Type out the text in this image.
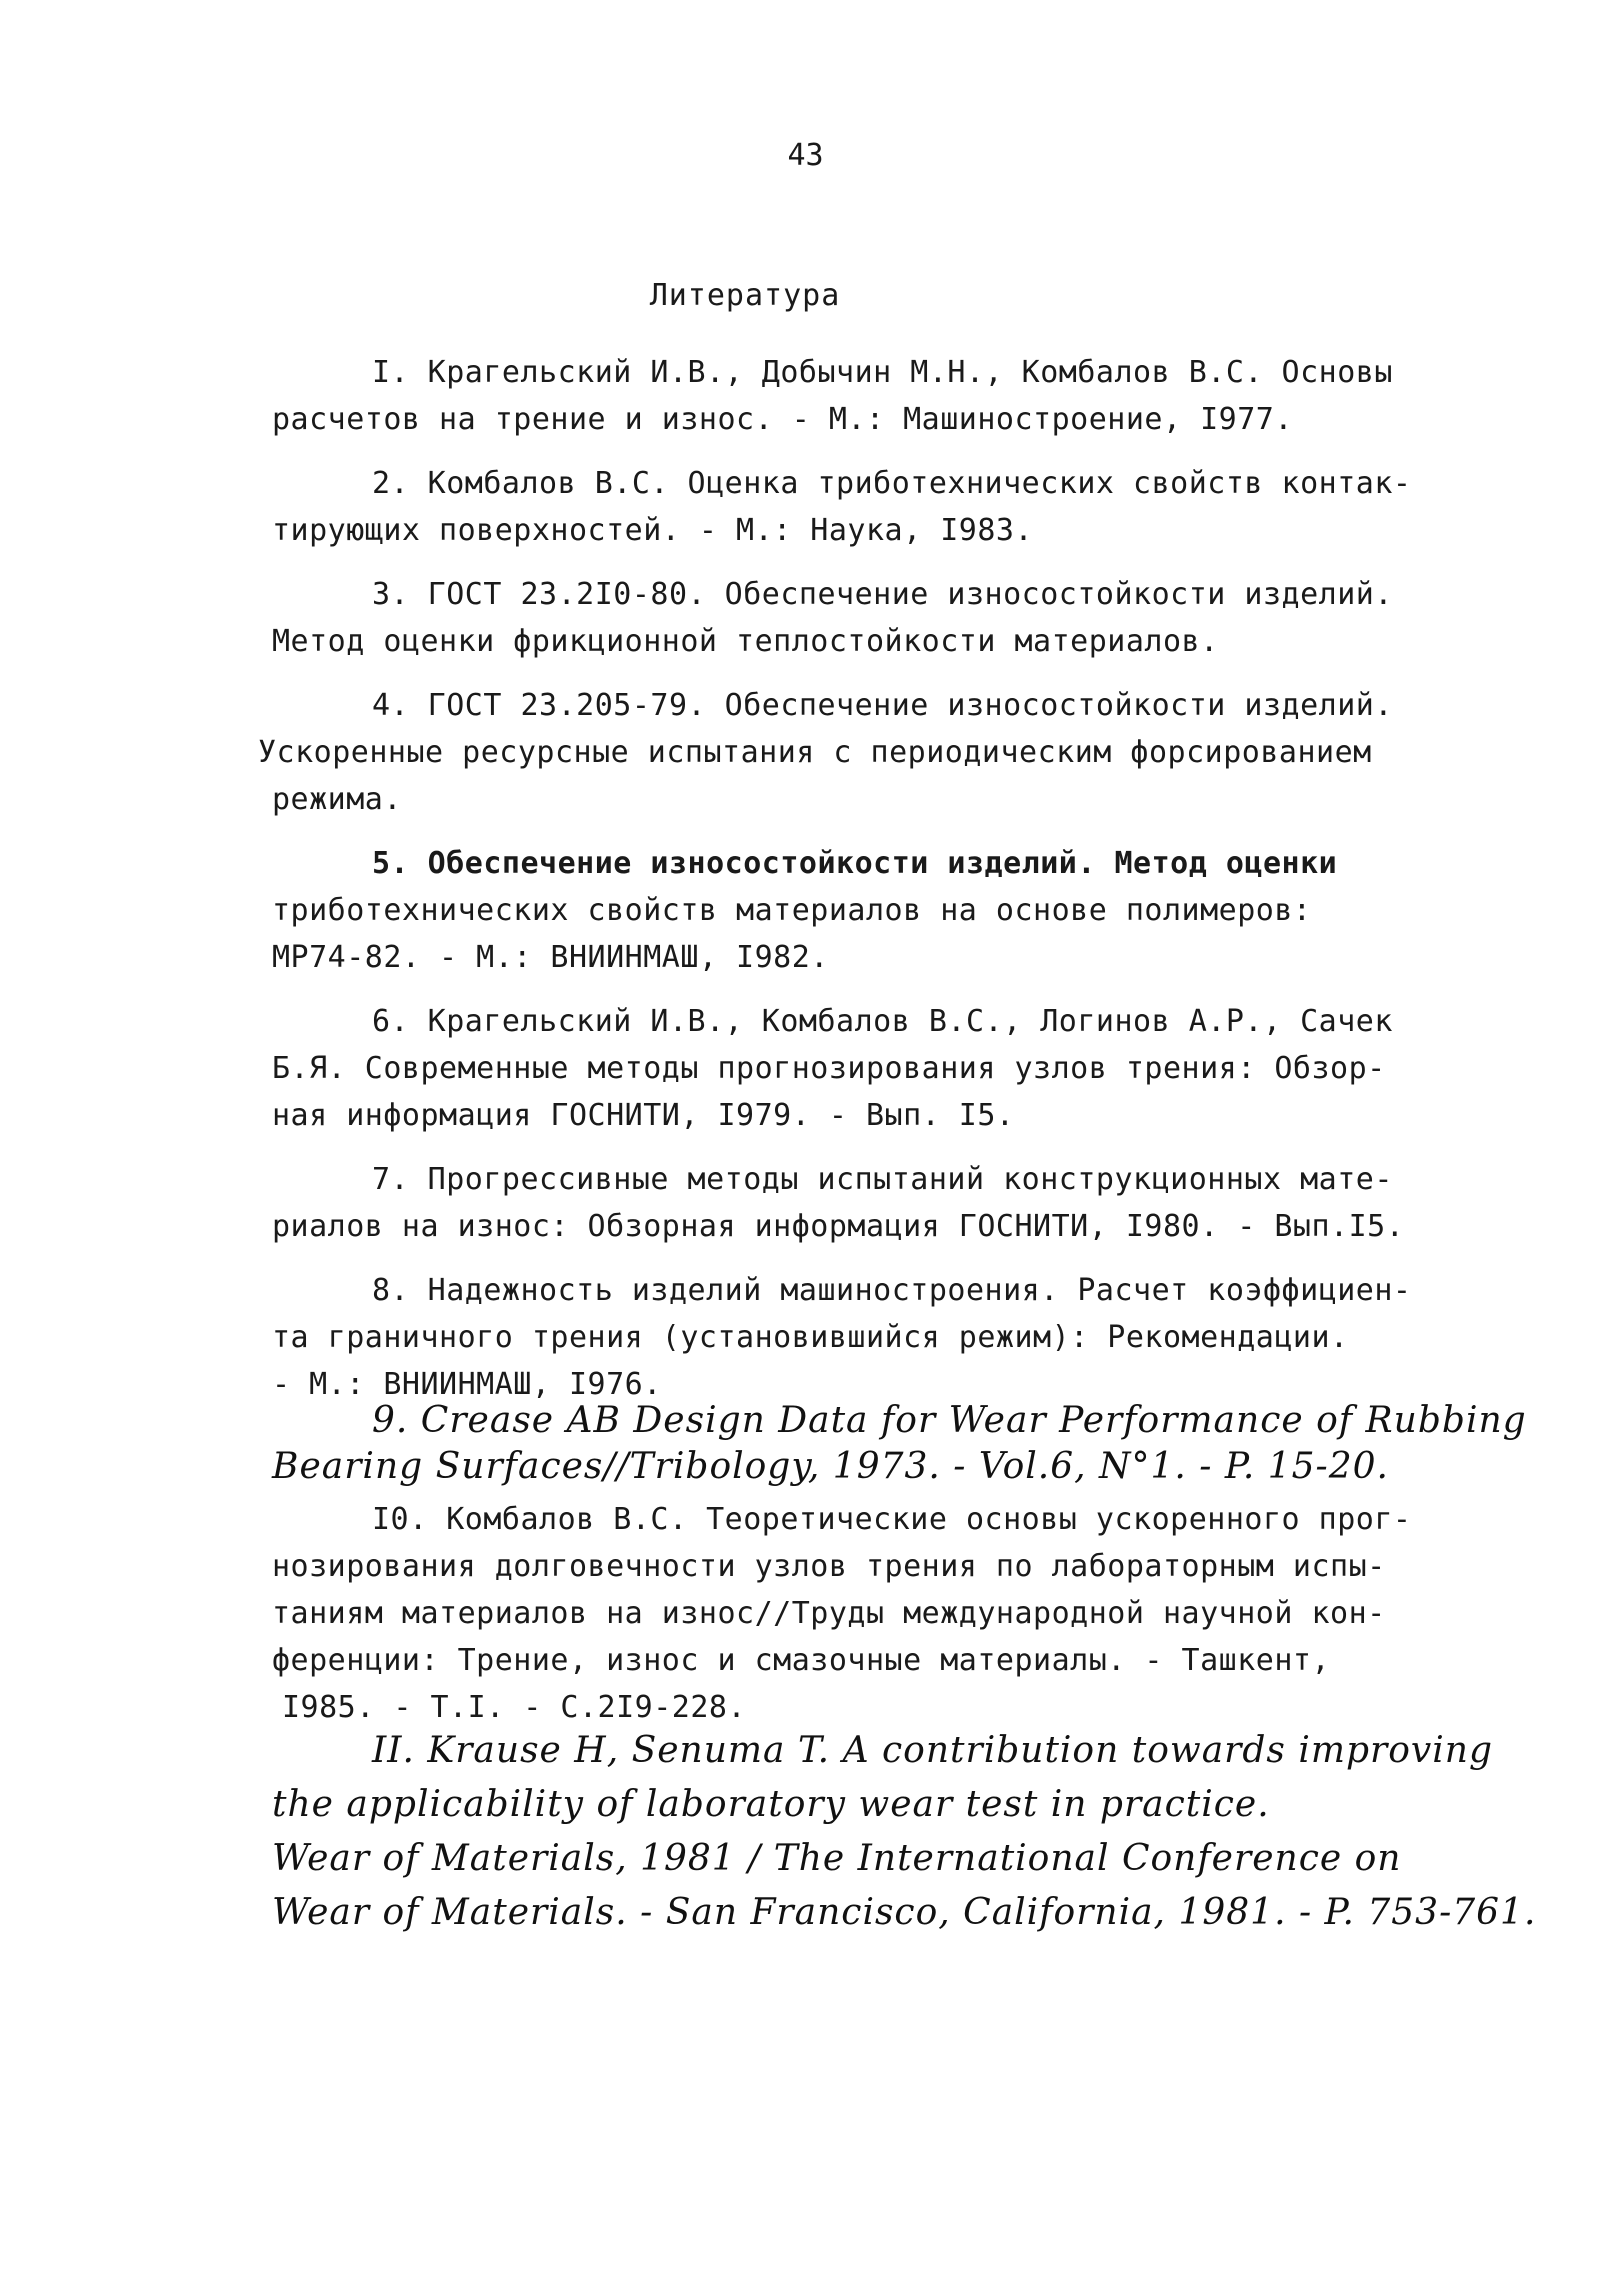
43
Литература
I. Крагельский И.В., Добычин М.Н., Комбалов В.С. Основы
расчетов на трение и износ. - М.: Машиностроение, I977.
2. Комбалов В.С. Оценка триботехнических свойств контак-
тирующих поверхностей. - М.: Наука, I983.
3. ГОСТ 23.2I0-80. Обеспечение износостойкости изделий.
Метод оценки фрикционной теплостойкости материалов.
4. ГОСТ 23.205-79. Обеспечение износостойкости изделий.
Ускоренные ресурсные испытания с периодическим форсированием
режима.
5. Обеспечение износостойкости изделий. Метод оценки
триботехнических свойств материалов на основе полимеров:
МР74-82. - М.: ВНИИНМАШ, I982.
6. Крагельский И.В., Комбалов В.С., Логинов А.Р., Сачек
Б.Я. Современные методы прогнозирования узлов трения: Обзор-
ная информация ГОСНИТИ, I979. - Вып. I5.
7. Прогрессивные методы испытаний конструкционных мате-
риалов на износ: Обзорная информация ГОСНИТИ, I980. - Вып.I5.
8. Надежность изделий машиностроения. Расчет коэффициен-
та граничного трения (установившийся режим): Рекомендации.
- М.: ВНИИНМАШ, I976.
9. Crease AB Design Data for Wear Performance of Rubbing
Bearing Surfaces//Tribology, 1973. - Vol.6, N°1. - P. 15-20.
I0. Комбалов В.С. Теоретические основы ускоренного прог-
нозирования долговечности узлов трения по лабораторным испы-
таниям материалов на износ//Труды международной научной кон-
ференции: Трение, износ и смазочные материалы. - Ташкент,
I985. - Т.I. - С.2I9-228.
II. Krause H, Senuma T. A contribution towards improving
the applicability of laboratory wear test in practice.
Wear of Materials, 1981 / The International Conference on
Wear of Materials. - San Francisco, California, 1981. - P. 753-761.
